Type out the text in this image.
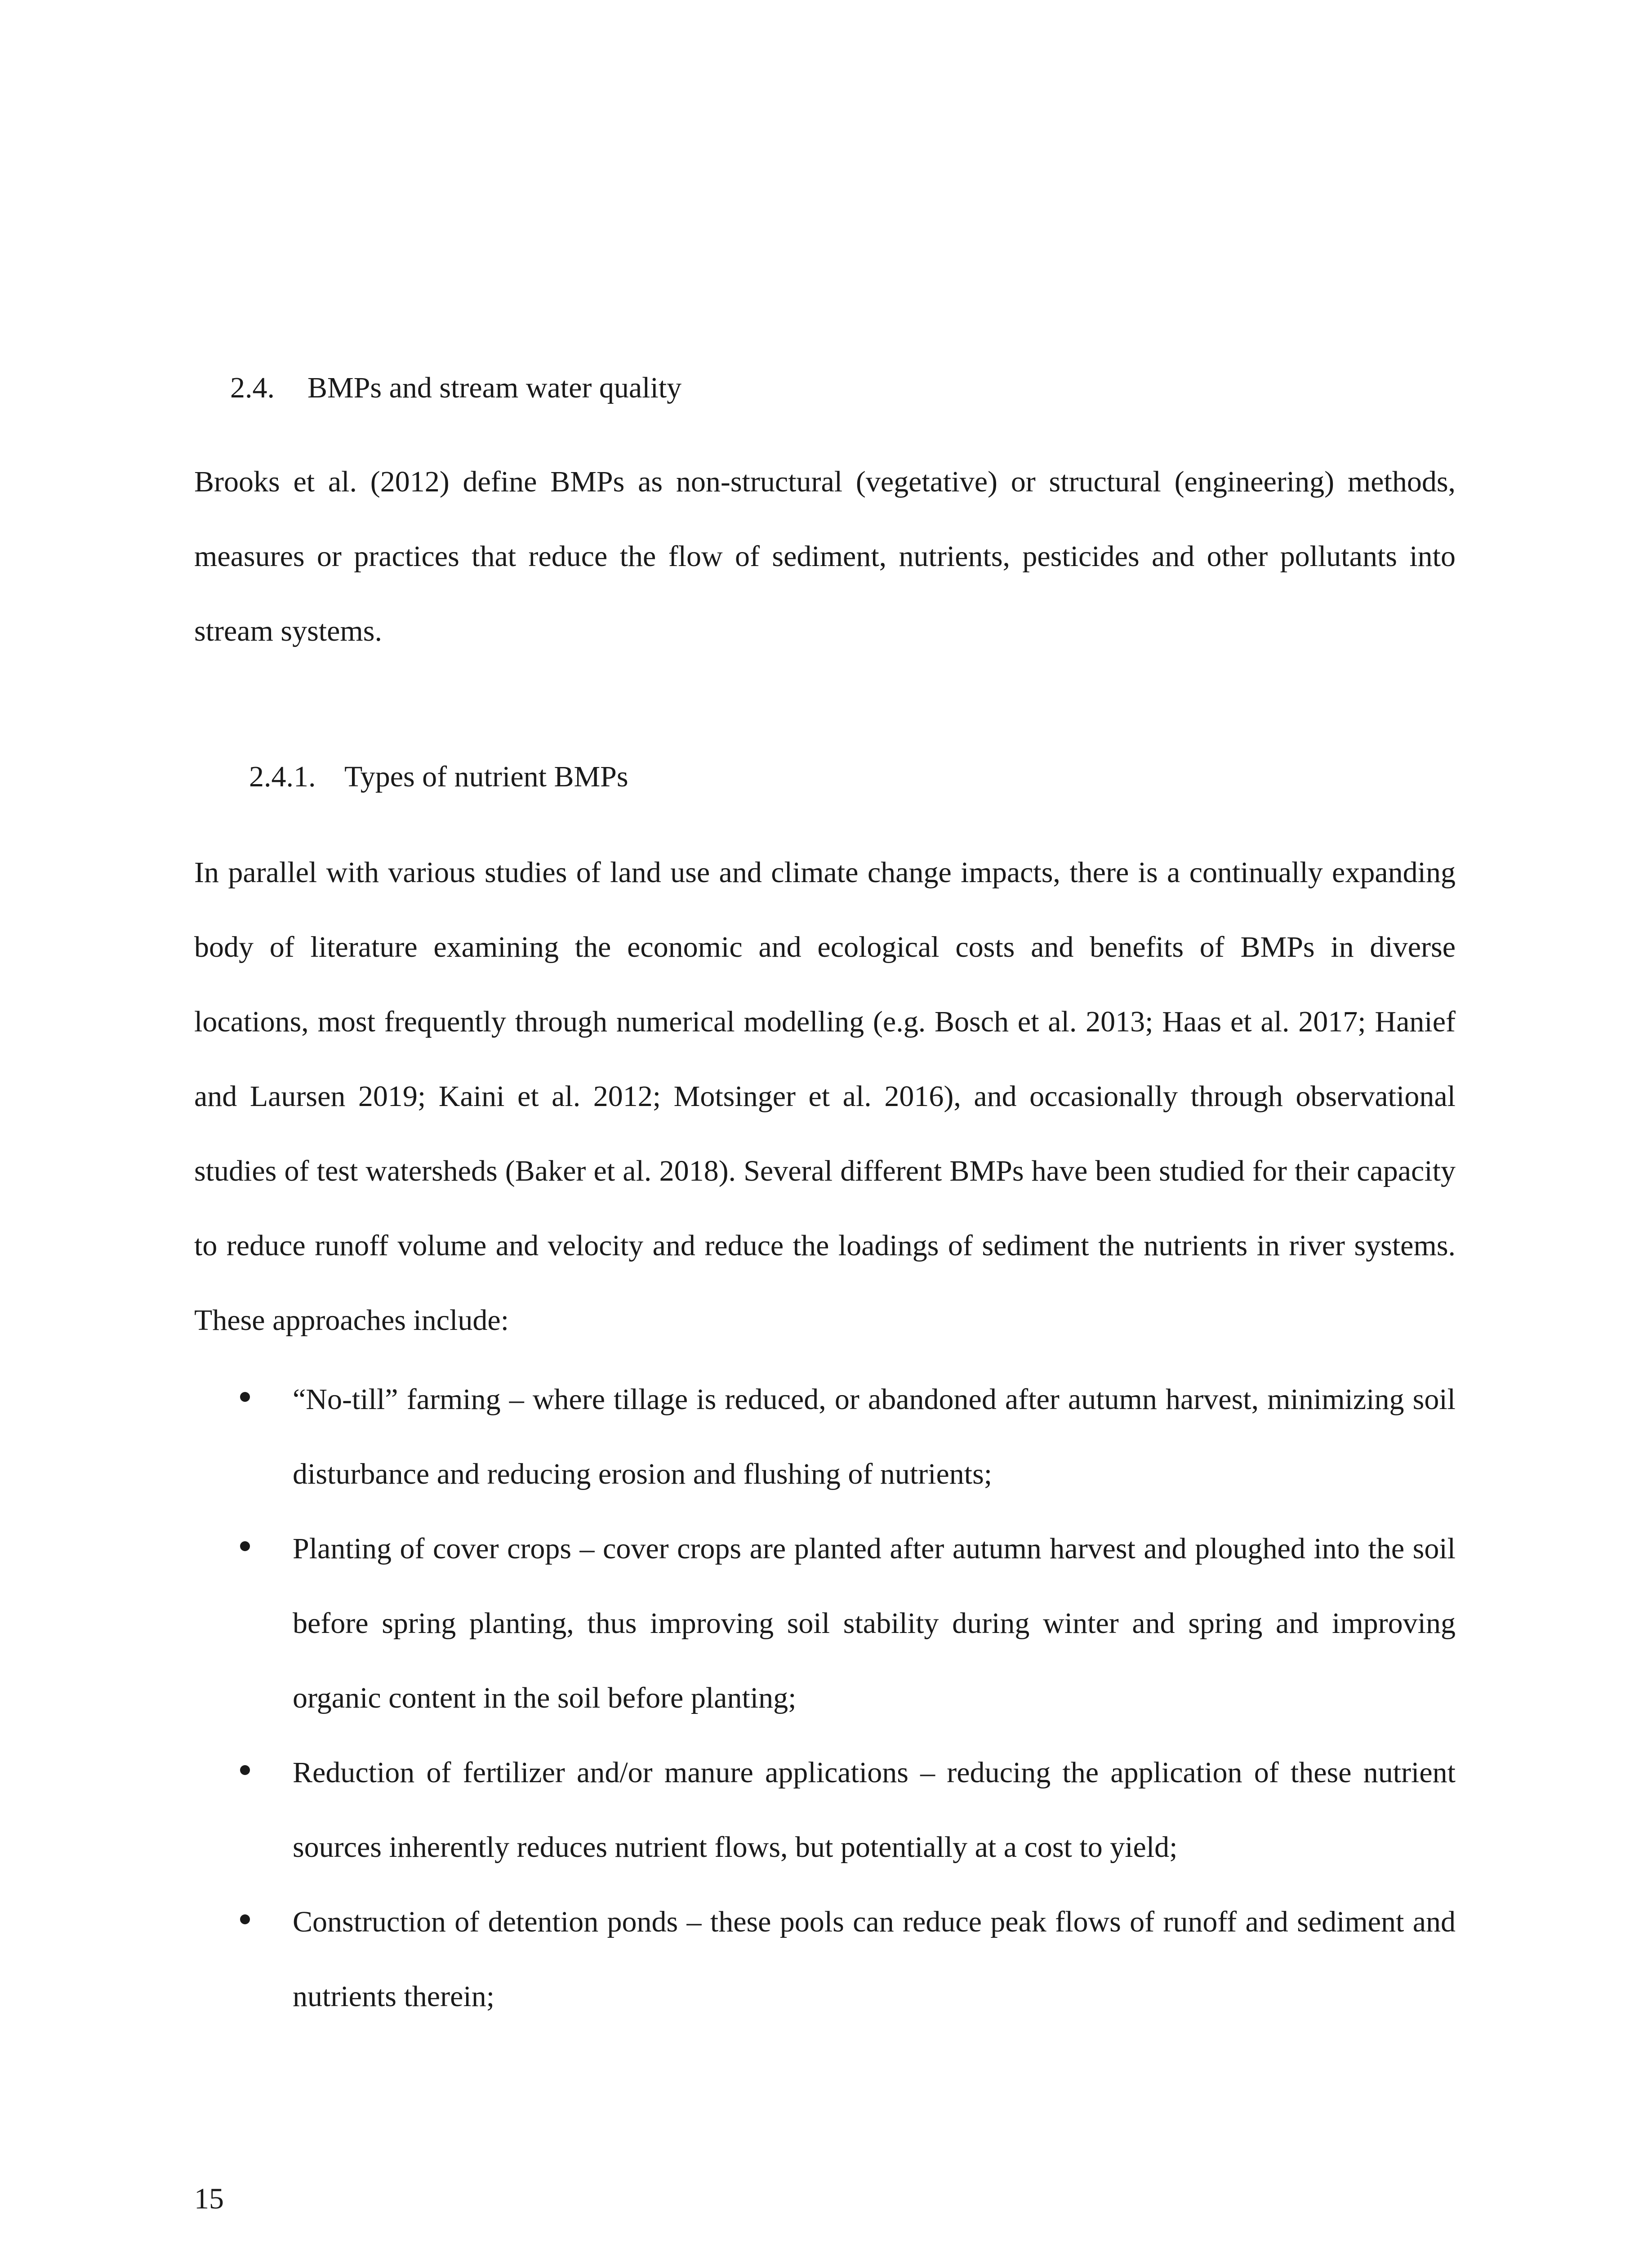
2.4. BMPs and stream water quality

Brooks et al. (2012) define BMPs as non-structural (vegetative) or structural (engineering) methods, measures or practices that reduce the flow of sediment, nutrients, pesticides and other pollutants into stream systems.

2.4.1. Types of nutrient BMPs

In parallel with various studies of land use and climate change impacts, there is a continually expanding body of literature examining the economic and ecological costs and benefits of BMPs in diverse locations, most frequently through numerical modelling (e.g. Bosch et al. 2013; Haas et al. 2017; Hanief and Laursen 2019; Kaini et al. 2012; Motsinger et al. 2016), and occasionally through observational studies of test watersheds (Baker et al. 2018). Several different BMPs have been studied for their capacity to reduce runoff volume and velocity and reduce the loadings of sediment the nutrients in river systems. These approaches include:

“No-till” farming – where tillage is reduced, or abandoned after autumn harvest, minimizing soil disturbance and reducing erosion and flushing of nutrients;
Planting of cover crops – cover crops are planted after autumn harvest and ploughed into the soil before spring planting, thus improving soil stability during winter and spring and improving organic content in the soil before planting;
Reduction of fertilizer and/or manure applications – reducing the application of these nutrient sources inherently reduces nutrient flows, but potentially at a cost to yield;
Construction of detention ponds – these pools can reduce peak flows of runoff and sediment and nutrients therein;
15
